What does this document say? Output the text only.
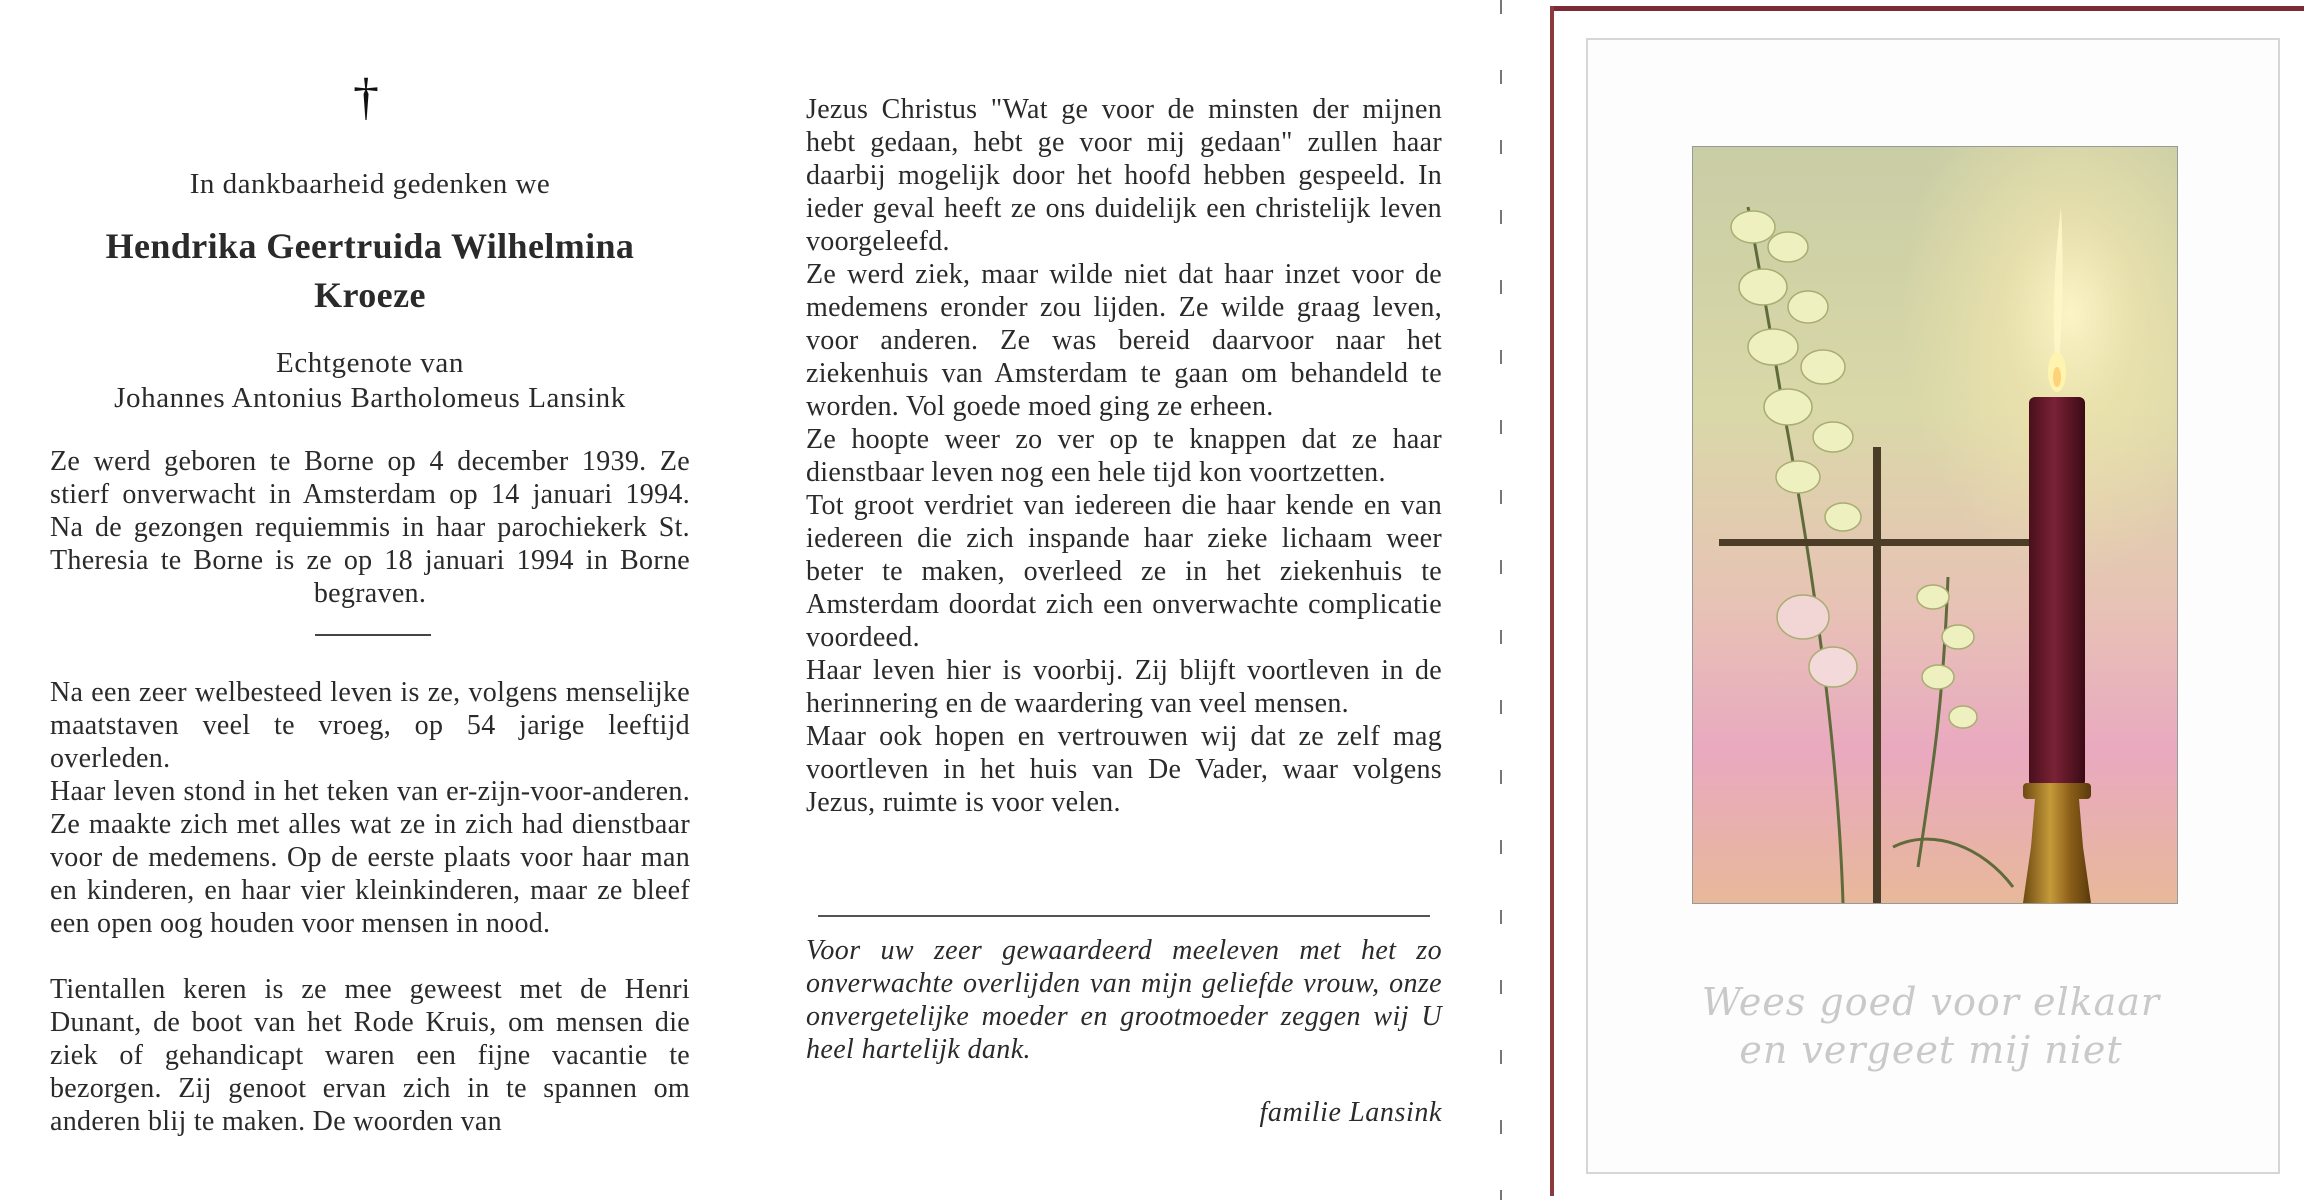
†
In dankbaarheid gedenken we
Hendrika Geertruida Wilhelmina
Kroeze
Echtgenote van
Johannes Antonius Bartholomeus Lansink

Ze werd geboren te Borne op 4 december 1939. Ze stierf onverwacht in Amsterdam op 14 januari 1994. Na de gezongen requiemmis in haar parochiekerk St. Theresia te Borne is ze op 18 januari 1994 in Borne begraven.

Na een zeer welbesteed leven is ze, volgens menselijke maatstaven veel te vroeg, op 54 jarige leeftijd overleden.

Haar leven stond in het teken van er-zijn-voor-anderen. Ze maakte zich met alles wat ze in zich had dienstbaar voor de medemens. Op de eerste plaats voor haar man en kinderen, en haar vier kleinkinderen, maar ze bleef een open oog houden voor mensen in nood.

Tientallen keren is ze mee geweest met de Henri Dunant, de boot van het Rode Kruis, om mensen die ziek of gehandicapt waren een fijne vacantie te bezorgen. Zij genoot ervan zich in te spannen om anderen blij te maken. De woorden van

Jezus Christus "Wat ge voor de minsten der mijnen hebt gedaan, hebt ge voor mij gedaan" zullen haar daarbij mogelijk door het hoofd hebben gespeeld. In ieder geval heeft ze ons duidelijk een christelijk leven voorgeleefd.

Ze werd ziek, maar wilde niet dat haar inzet voor de medemens eronder zou lijden. Ze wilde graag leven, voor anderen. Ze was bereid daarvoor naar het ziekenhuis van Amsterdam te gaan om behandeld te worden. Vol goede moed ging ze erheen.

Ze hoopte weer zo ver op te knappen dat ze haar dienstbaar leven nog een hele tijd kon voortzetten.

Tot groot verdriet van iedereen die haar kende en van iedereen die zich inspande haar zieke lichaam weer beter te maken, overleed ze in het ziekenhuis te Amsterdam doordat zich een onverwachte complicatie voordeed.

Haar leven hier is voorbij. Zij blijft voortleven in de herinnering en de waardering van veel mensen.

Maar ook hopen en vertrouwen wij dat ze zelf mag voortleven in het huis van De Vader, waar volgens Jezus, ruimte is voor velen.

Voor uw zeer gewaardeerd meeleven met het zo onverwachte overlijden van mijn geliefde vrouw, onze onvergetelijke moeder en grootmoeder zeggen wij U heel hartelijk dank.
familie Lansink
Wees goed voor elkaar
en vergeet mij niet
